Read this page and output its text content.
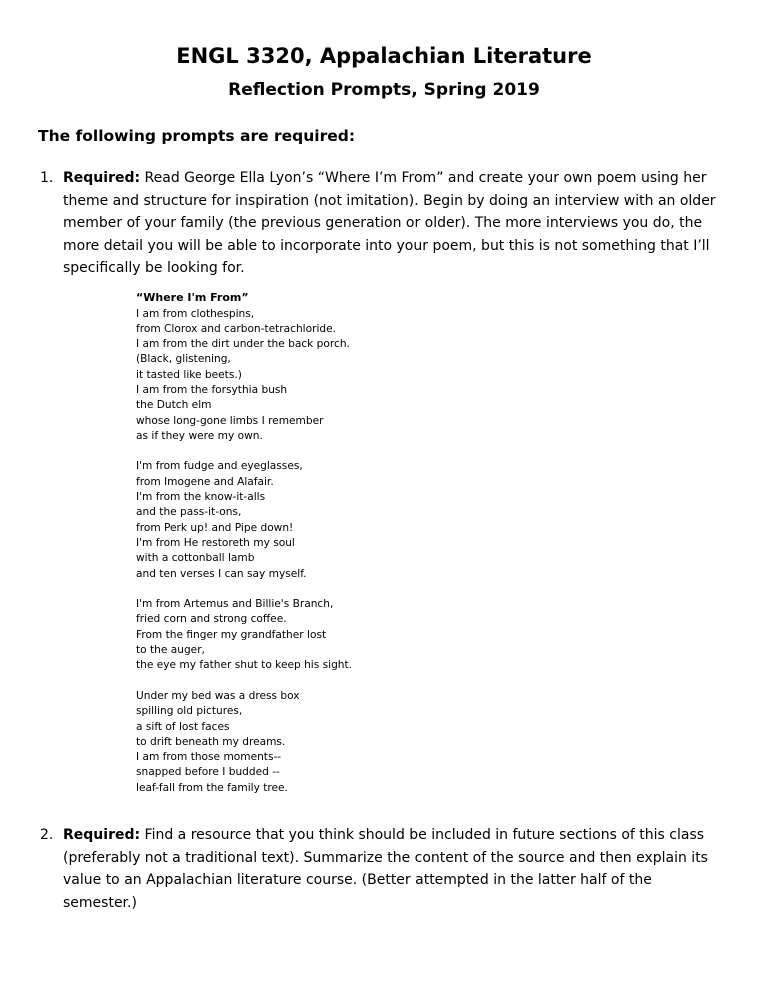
ENGL 3320, Appalachian Literature
Reflection Prompts, Spring 2019
The following prompts are required:
1. Required: Read George Ella Lyon’s “Where I’m From” and create your own poem using her theme and structure for inspiration (not imitation). Begin by doing an interview with an older member of your family (the previous generation or older). The more interviews you do, the more detail you will be able to incorporate into your poem, but this is not something that I’ll specifically be looking for.
“Where I'm From”
I am from clothespins,
from Clorox and carbon-tetrachloride.
I am from the dirt under the back porch.
(Black, glistening,
it tasted like beets.)
I am from the forsythia bush
the Dutch elm
whose long-gone limbs I remember
as if they were my own.
I'm from fudge and eyeglasses,
from Imogene and Alafair.
I'm from the know-it-alls
and the pass-it-ons,
from Perk up! and Pipe down!
I'm from He restoreth my soul
with a cottonball lamb
and ten verses I can say myself.
I'm from Artemus and Billie's Branch,
fried corn and strong coffee.
From the finger my grandfather lost
to the auger,
the eye my father shut to keep his sight.
Under my bed was a dress box
spilling old pictures,
a sift of lost faces
to drift beneath my dreams.
I am from those moments--
snapped before I budded --
leaf-fall from the family tree.
2. Required: Find a resource that you think should be included in future sections of this class (preferably not a traditional text). Summarize the content of the source and then explain its value to an Appalachian literature course. (Better attempted in the latter half of the semester.)
